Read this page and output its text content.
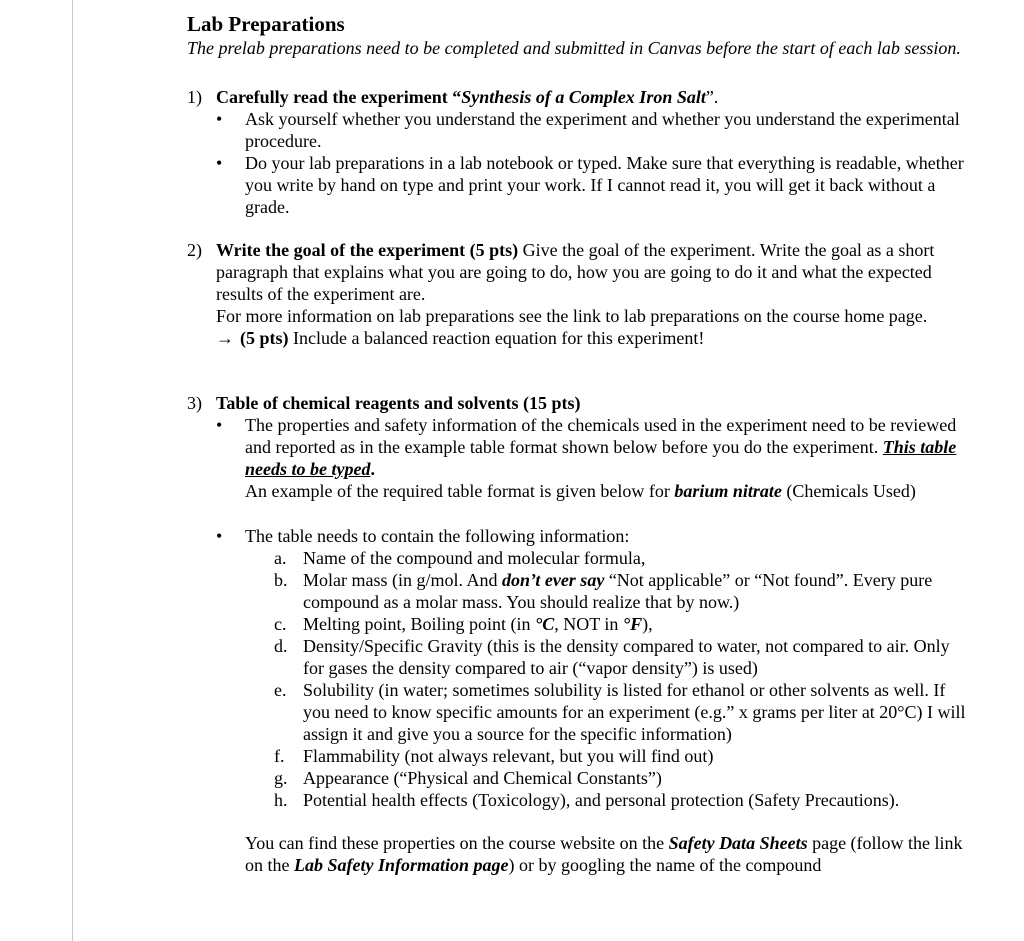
Lab Preparations

The prelab preparations need to be completed and submitted in Canvas before the start of each lab session.

1) Carefully read the experiment “Synthesis of a Complex Iron Salt”.

•	Ask yourself whether you understand the experiment and whether you understand the experimental procedure.
•	Do your lab preparations in a lab notebook or typed. Make sure that everything is readable, whether you write by hand on type and print your work. If I cannot read it, you will get it back without a grade.
2) Write the goal of the experiment (5 pts) Give the goal of the experiment. Write the goal as a short paragraph that explains what you are going to do, how you are going to do it and what the expected results of the experiment are.

For more information on lab preparations see the link to lab preparations on the course home page.

→ (5 pts) Include a balanced reaction equation for this experiment!

3) Table of chemical reagents and solvents (15 pts)

•	The properties and safety information of the chemicals used in the experiment need to be reviewed and reported as in the example table format shown below before you do the experiment. This table needs to be typed.

An example of the required table format is given below for barium nitrate (Chemicals Used)

•	The table needs to contain the following information:

a. Name of the compound and molecular formula,
b. Molar mass (in g/mol. And don’t ever say “Not applicable” or “Not found”. Every pure compound as a molar mass. You should realize that by now.)
c. Melting point, Boiling point (in °C, NOT in °F),
d. Density/Specific Gravity (this is the density compared to water, not compared to air. Only for gases the density compared to air (“vapor density”) is used)
e. Solubility (in water; sometimes solubility is listed for ethanol or other solvents as well. If you need to know specific amounts for an experiment (e.g.” x grams per liter at 20°C) I will assign it and give you a source for the specific information)
f. Flammability (not always relevant, but you will find out)
g. Appearance (“Physical and Chemical Constants”)
h. Potential health effects (Toxicology), and personal protection (Safety Precautions).

You can find these properties on the course website on the Safety Data Sheets page (follow the link on the Lab Safety Information page) or by googling the name of the compound
